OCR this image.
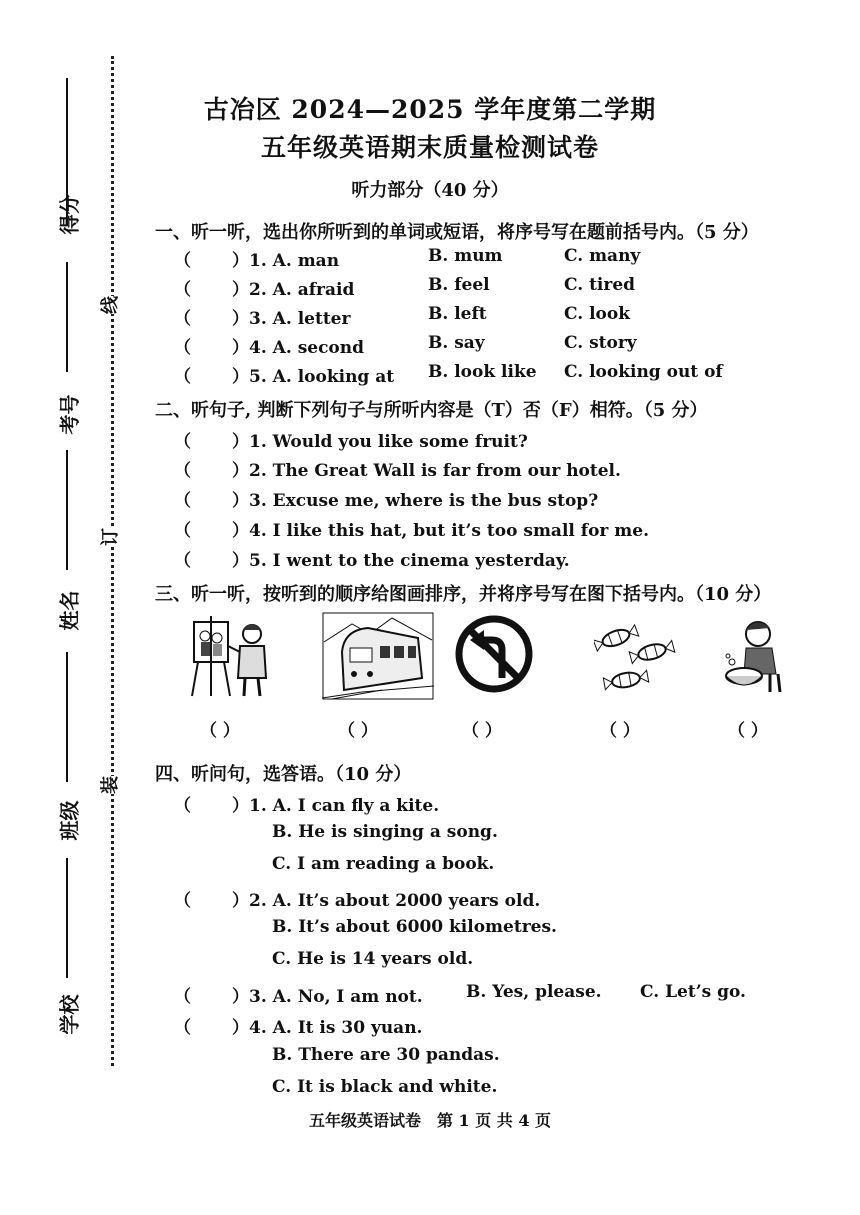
得分
考号
姓名
班级
学校
线
订
装
古冶区 2024—2025 学年度第二学期
五年级英语期末质量检测试卷
听力部分（40 分）
一、听一听，选出你所听到的单词或短语，将序号写在题前括号内。（5 分）
（ ）1. A. man	B. mum	C. many
（ ）2. A. afraid	B. feel	C. tired
（ ）3. A. letter	B. left	C. look
（ ）4. A. second	B. say	C. story
（ ）5. A. looking at B. look like C. looking out of
二、听句子, 判断下列句子与所听内容是（T）否（F）相符。（5 分）
（ ）1. Would you like some fruit?
（ ）2. The Great Wall is far from our hotel.
（ ）3. Excuse me, where is the bus stop?
（ ）4. I like this hat, but it’s too small for me.
（ ）5. I went to the cinema yesterday.
三、听一听，按听到的顺序给图画排序，并将序号写在图下括号内。（10 分）
（ ）	（ ）	（ ）	（ ）	（ ）
四、听问句，选答语。（10 分）
（ ）1. A. I can fly a kite.
B. He is singing a song.
C. I am reading a book.
（ ）2. A. It’s about 2000 years old.
B. It’s about 6000 kilometres.
C. He is 14 years old.
（ ）3. A. No, I am not.	B. Yes, please. C. Let’s go.
（ ）4. A. It is 30 yuan.
B. There are 30 pandas.
C. It is black and white.
五年级英语试卷　第 1 页 共 4 页
